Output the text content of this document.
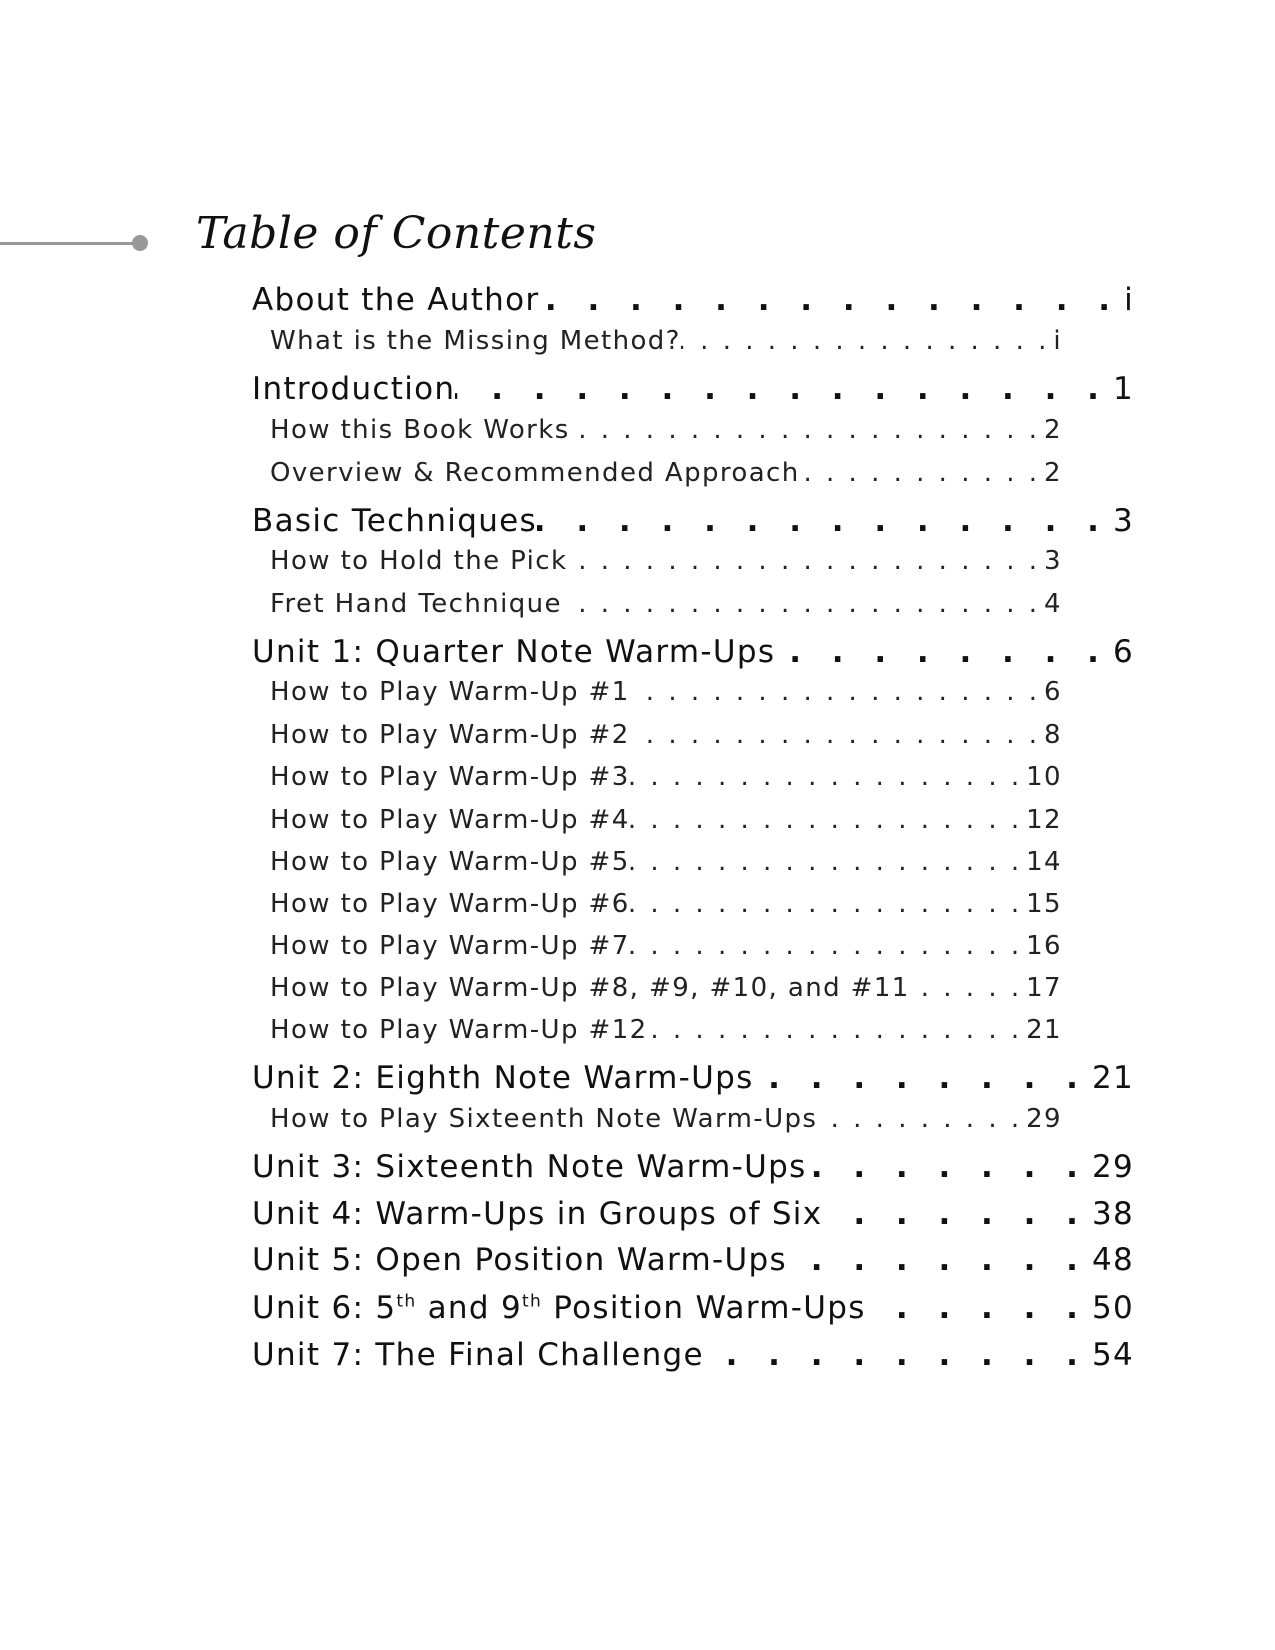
Table of Contents
About the Author . . .	i
What is the Missing Method? . . .	i
Introduction . . .	1
How this Book Works . . .	2
Overview & Recommended Approach . . .	2
Basic Techniques . . .	3
How to Hold the Pick . . .	3
Fret Hand Technique . . .	4
Unit 1: Quarter Note Warm-Ups . . .	6
How to Play Warm-Up #1 . . .	6
How to Play Warm-Up #2 . . .	8
How to Play Warm-Up #3 . . .	10
How to Play Warm-Up #4 . . .	12
How to Play Warm-Up #5 . . .	14
How to Play Warm-Up #6 . . .	15
How to Play Warm-Up #7 . . .	16
How to Play Warm-Up #8, #9, #10, and #11 . . .	17
How to Play Warm-Up #12 . . .	21
Unit 2: Eighth Note Warm-Ups . . .	21
How to Play Sixteenth Note Warm-Ups . . .	29
Unit 3: Sixteenth Note Warm-Ups . . .	29
Unit 4: Warm-Ups in Groups of Six . . .	38
Unit 5: Open Position Warm-Ups . . .	48
Unit 6: 5th and 9th Position Warm-Ups . . .	50
Unit 7: The Final Challenge . . .	54
